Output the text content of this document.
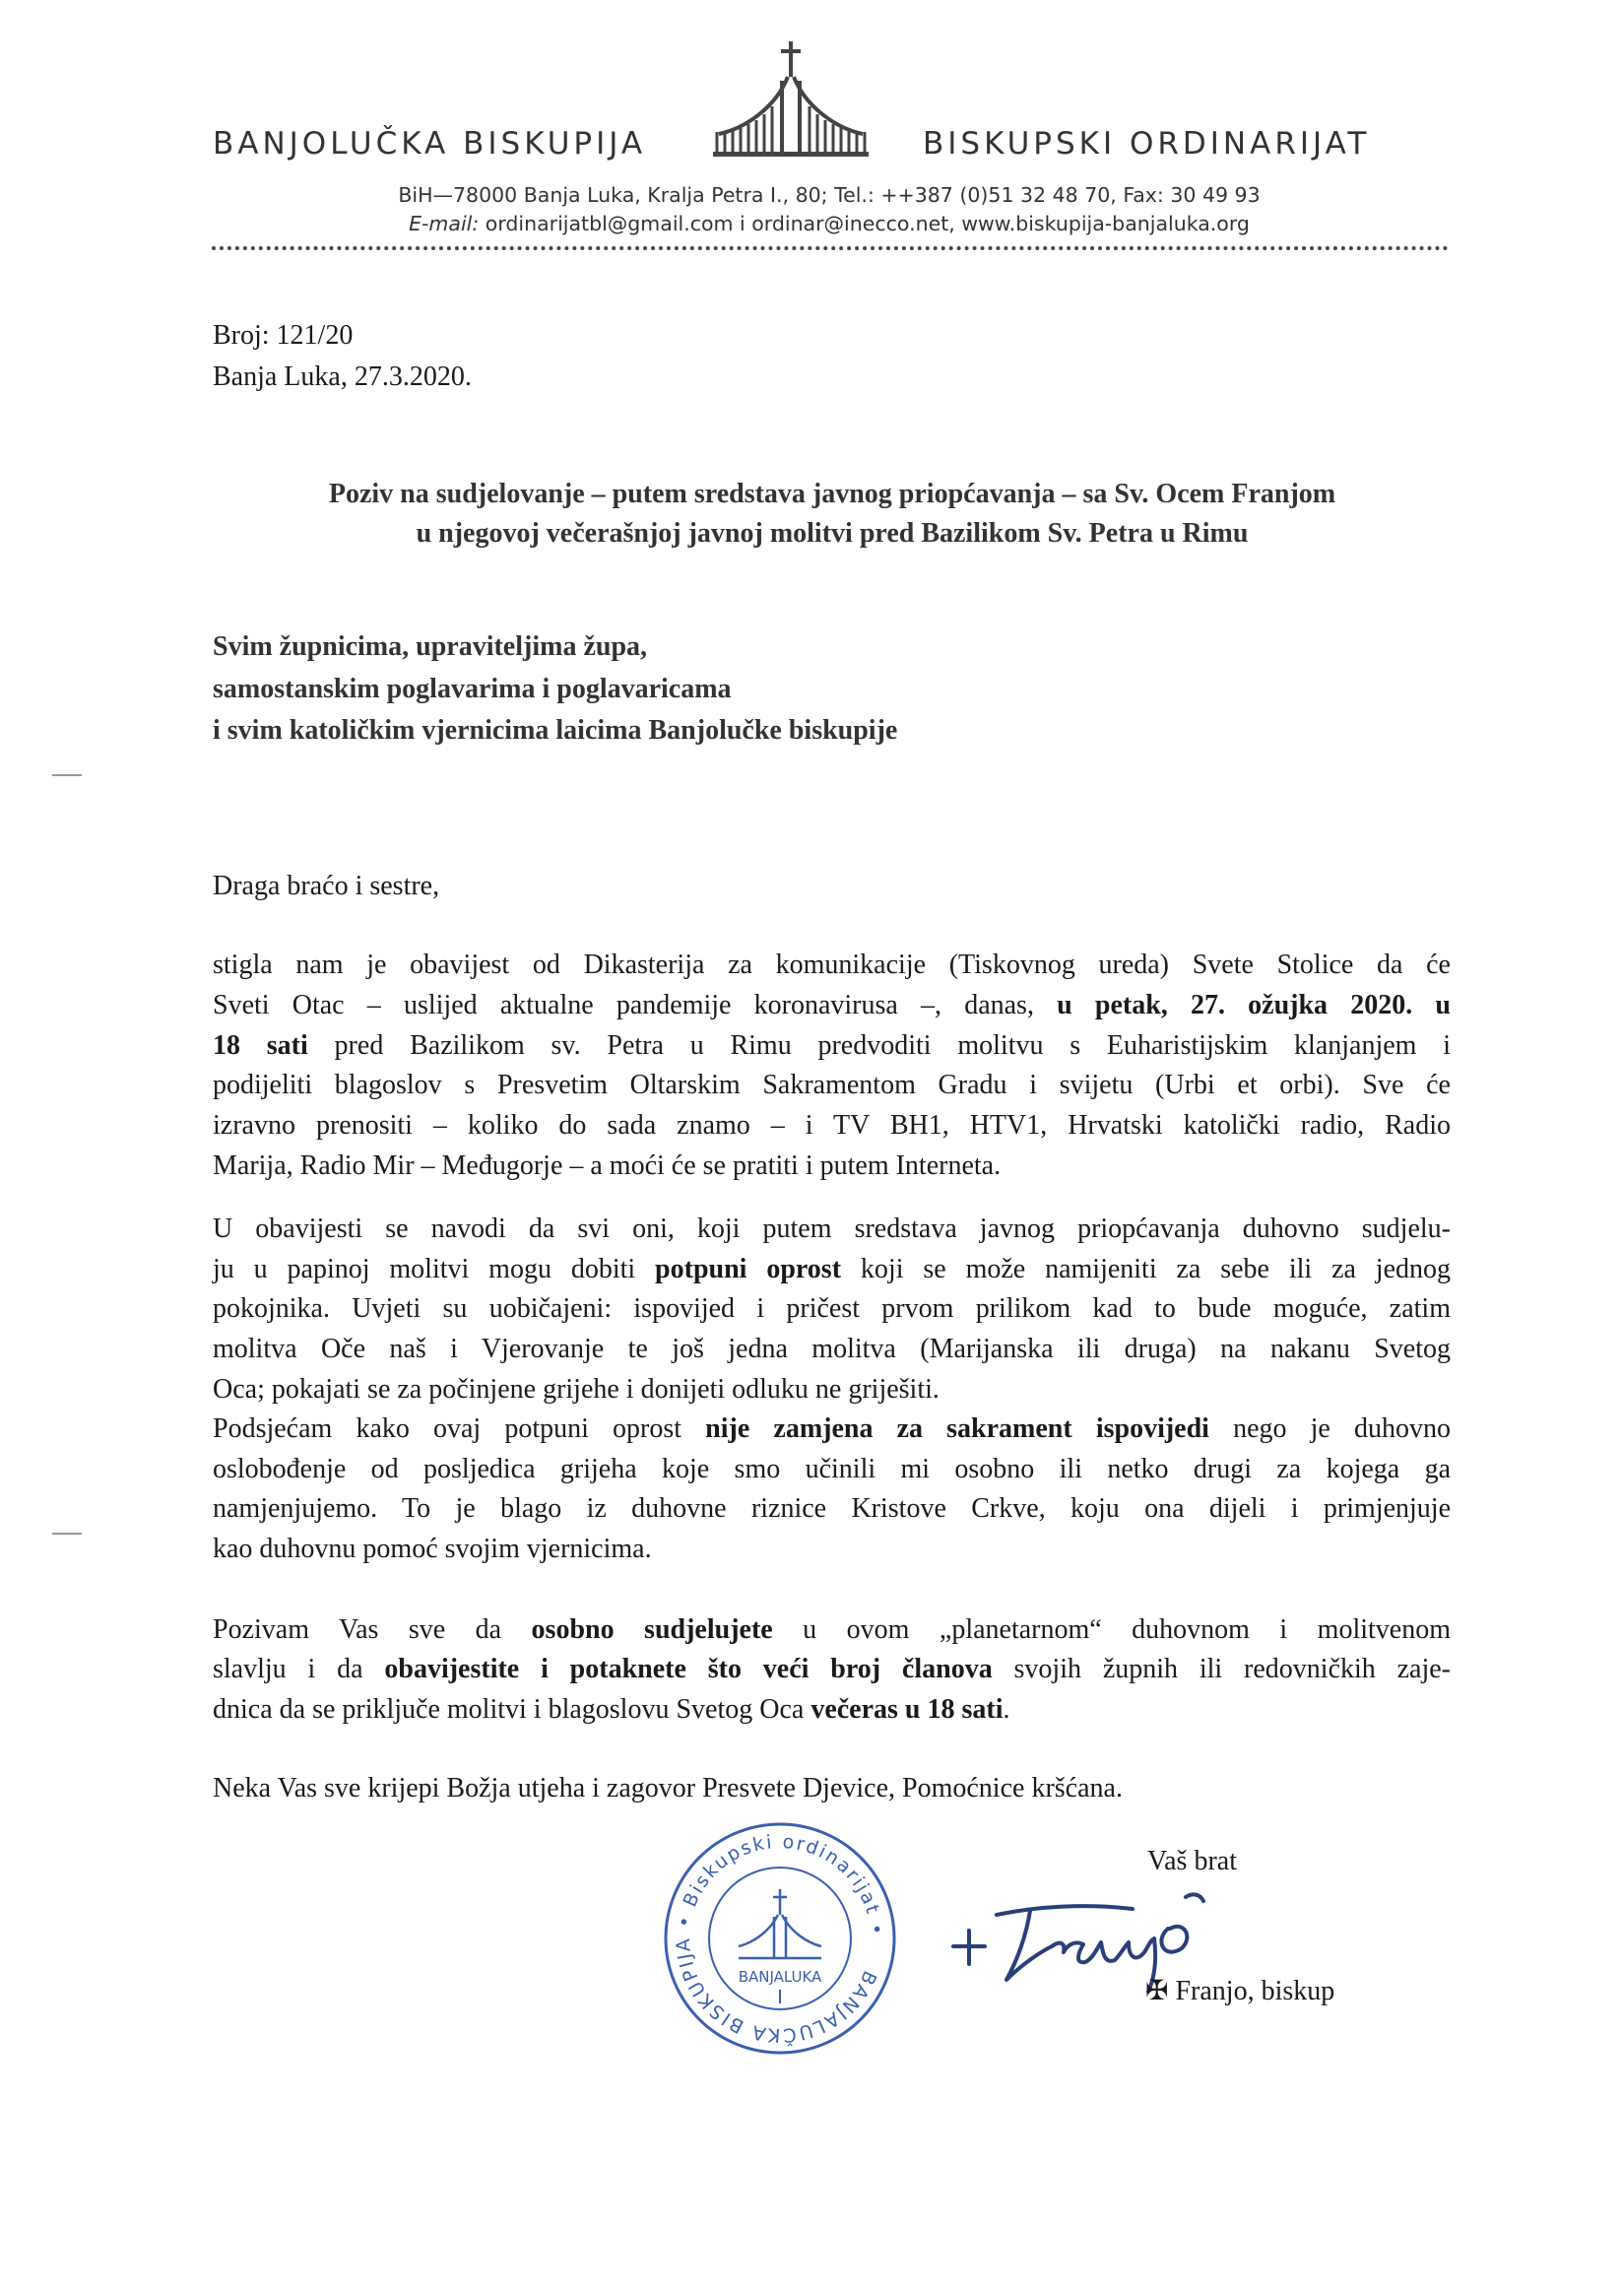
BANJOLUČKA BISKUPIJA	BISKUPSKI ORDINARIJAT
BiH—78000 Banja Luka, Kralja Petra I., 80; Tel.: ++387 (0)51 32 48 70, Fax: 30 49 93
E-mail: ordinarijatbl@gmail.com i ordinar@inecco.net, www.biskupija-banjaluka.org
Broj: 121/20
Banja Luka, 27.3.2020.
Poziv na sudjelovanje – putem sredstava javnog priopćavanja – sa Sv. Ocem Franjom
u njegovoj večerašnjoj javnoj molitvi pred Bazilikom Sv. Petra u Rimu
Svim župnicima, upraviteljima župa,
samostanskim poglavarima i poglavaricama
i svim katoličkim vjernicima laicima Banjolučke biskupije
Draga braćo i sestre,
stigla nam je obavijest od Dikasterija za komunikacije (Tiskovnog ureda) Svete Stolice da će
Sveti Otac – uslijed aktualne pandemije koronavirusa –, danas, u petak, 27. ožujka 2020. u
18 sati pred Bazilikom sv. Petra u Rimu predvoditi molitvu s Euharistijskim klanjanjem i
podijeliti blagoslov s Presvetim Oltarskim Sakramentom Gradu i svijetu (Urbi et orbi). Sve će
izravno prenositi – koliko do sada znamo – i TV BH1, HTV1, Hrvatski katolički radio, Radio
Marija, Radio Mir – Međugorje – a moći će se pratiti i putem Interneta.
U obavijesti se navodi da svi oni, koji putem sredstava javnog priopćavanja duhovno sudjelu-
ju u papinoj molitvi mogu dobiti potpuni oprost koji se može namijeniti za sebe ili za jednog
pokojnika. Uvjeti su uobičajeni: ispovijed i pričest prvom prilikom kad to bude moguće, zatim
molitva Oče naš i Vjerovanje te još jedna molitva (Marijanska ili druga) na nakanu Svetog
Oca; pokajati se za počinjene grijehe i donijeti odluku ne griješiti.
Podsjećam kako ovaj potpuni oprost nije zamjena za sakrament ispovijedi nego je duhovno
oslobođenje od posljedica grijeha koje smo učinili mi osobno ili netko drugi za kojega ga
namjenjujemo. To je blago iz duhovne riznice Kristove Crkve, koju ona dijeli i primjenjuje
kao duhovnu pomoć svojim vjernicima.
Pozivam Vas sve da osobno sudjelujete u ovom „planetarnom“ duhovnom i molitvenom
slavlju i da obavijestite i potaknete što veći broj članova svojih župnih ili redovničkih zaje-
dnica da se priključe molitvi i blagoslovu Svetog Oca večeras u 18 sati.
Neka Vas sve krijepi Božja utjeha i zagovor Presvete Djevice, Pomoćnice kršćana.
Vaš brat
BANJALUČKA BISKUPIJA • Biskupski ordinarijat •
BANJALUKA	✠ Franjo, biskup
